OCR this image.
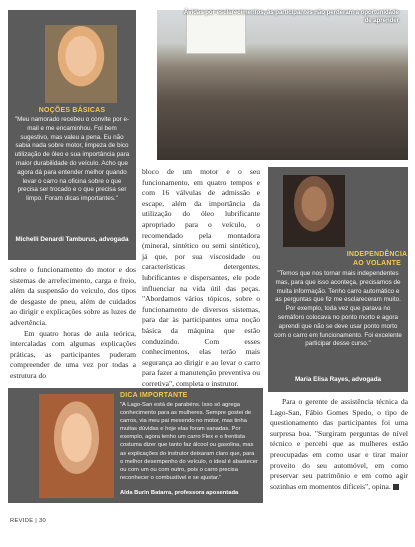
NOÇÕES BÁSICAS
"Meu namorado recebeu o convite por e-mail e me encaminhou. Foi bem sugestivo, mas valeu a pena. Eu não sabia nada sobre motor, limpeza de bico utilização de óleo e sua importância para maior durabilidade do veículo. Acho que agora dá para entender melhor quando levar o carro na oficina sobre o que precisa ser trocado e o que precisa ser limpo. Foram dicas importantes."
Michelli Denardi Tamburus, advogada
Ávidas por esclarecimentos, as participantes não perderam a oportunidade de aprender

sobre o funcionamento do motor e dos sistemas de arrefecimento, carga e freio, além da suspensão do veículo, dos tipos de desgaste de pneu, além de cuidados ao dirigir e explicações sobre as luzes de advertência.

Em quatro horas de aula teórica, intercaladas com algumas explicações práticas, as participantes puderam compreender de uma vez por todas a estrutura do

bloco de um motor e o seu funcionamento, em quatro tempos e com 16 válvulas de admissão e escape, além da importância da utilização do óleo lubrificante apropriado para o veículo, o recomendado pela montadora (mineral, sintético ou semi sintético), já que, por sua viscosidade ou características detergentes, lubrificantes e dispersantes, ele pode influenciar na vida útil das peças. "Abordamos vários tópicos, sobre o funcionamento de diversos sistemas, para dar às participantes uma noção básica da máquina que estão conduzindo. Com esses conhecimentos, elas terão mais segurança ao dirigir e ao levar o carro para fazer a manutenção preventiva ou corretiva", completa o instrutor.

INDEPENDÊNCIA AO VOLANTE
"Temos que nos tornar mais independentes mas, para que isso aconteça, precisamos de muita informação. Tenho carro automático e as perguntas que fiz me esclareceram muito. Por exemplo, toda vez que parava no semáforo colocava no ponto morto e agora aprendi que não se deve usar ponto morto com o carro em funcionamento. Foi excelente participar desse curso."
Maria Elisa Rayes, advogada
DICA IMPORTANTE
"A Lago-San está de parabéns. Isso só agrega conhecimento para as mulheres. Sempre gostei de carros, via meu pai mexendo no motor, mas tinha muitas dúvidas e hoje elas foram sanadas. Por exemplo, agora tenho um carro Flex e o frentista costuma dizer que tanto faz álcool ou gasolina, mas as explicações do instrutor deixaram claro que, para o melhor desempenho do veículo, o ideal é abastecer ou com um ou com outro, pois o carro precisa reconhecer o combustível e se ajustar."
Alda Burin Batarra, professora aposentada

Para o gerente de assistência técnica da Lago-San, Fábio Gomes Spedo, o tipo de questionamento das participantes foi uma surpresa boa. "Surgiram perguntas de nível técnico e percebi que as mulheres estão preocupadas em como usar e tirar maior proveito do seu automóvel, em como preservar seu patrimônio e em como agir sozinhas em momentos difíceis", opina.

REVIDE | 30
